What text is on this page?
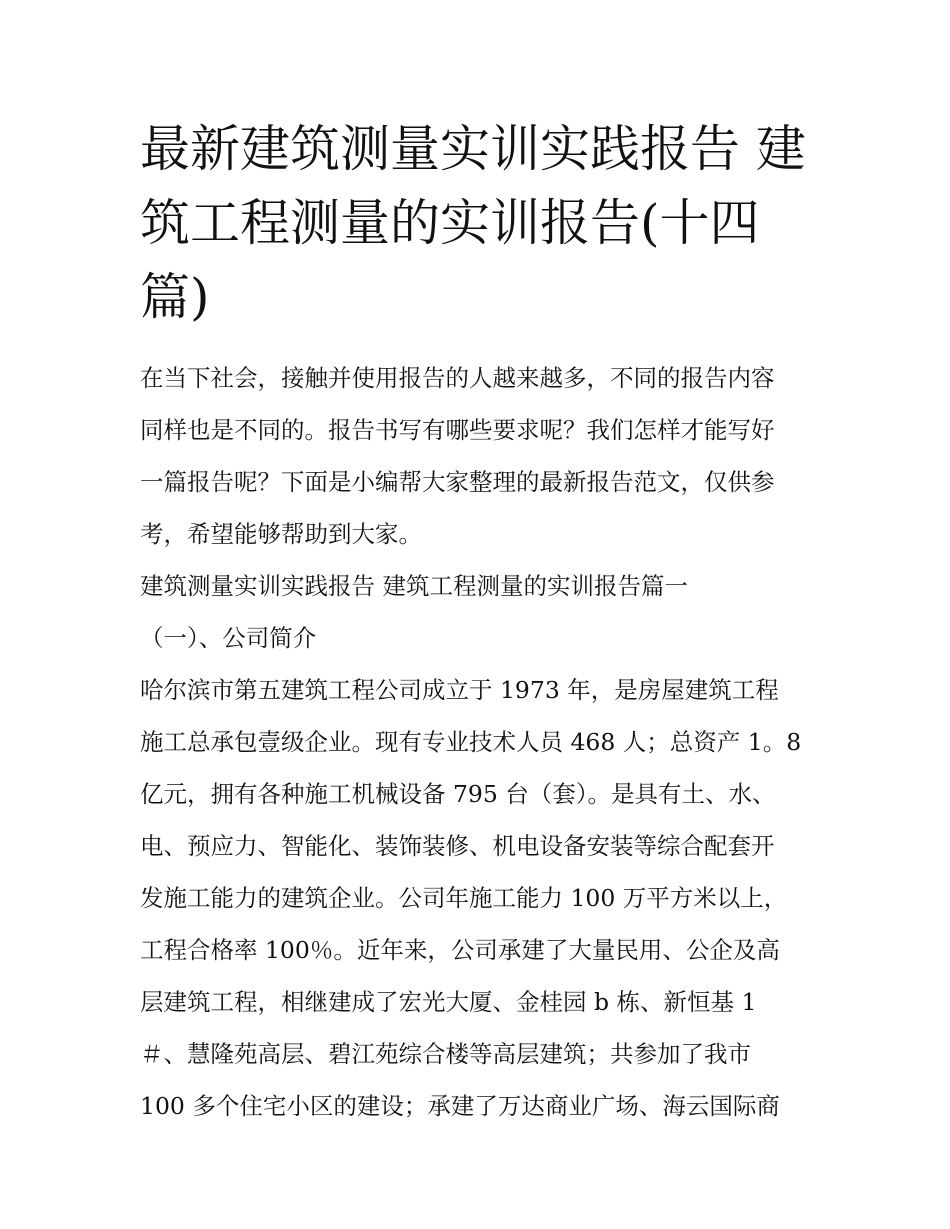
最新建筑测量实训实践报告 建
筑工程测量的实训报告(十四
篇)

在当下社会，接触并使用报告的人越来越多，不同的报告内容
同样也是不同的。报告书写有哪些要求呢？我们怎样才能写好
一篇报告呢？下面是小编帮大家整理的最新报告范文，仅供参
考，希望能够帮助到大家。

建筑测量实训实践报告 建筑工程测量的实训报告篇一

（一）、公司简介

哈尔滨市第五建筑工程公司成立于 1973 年，是房屋建筑工程
施工总承包壹级企业。现有专业技术人员 468 人；总资产 1。8
亿元，拥有各种施工机械设备 795 台（套）。是具有土、水、
电、预应力、智能化、装饰装修、机电设备安装等综合配套开
发施工能力的建筑企业。公司年施工能力 100 万平方米以上，
工程合格率 100％。近年来，公司承建了大量民用、公企及高
层建筑工程，相继建成了宏光大厦、金桂园 b 栋、新恒基 1
＃、慧隆苑高层、碧江苑综合楼等高层建筑；共参加了我市
100 多个住宅小区的建设；承建了万达商业广场、海云国际商
